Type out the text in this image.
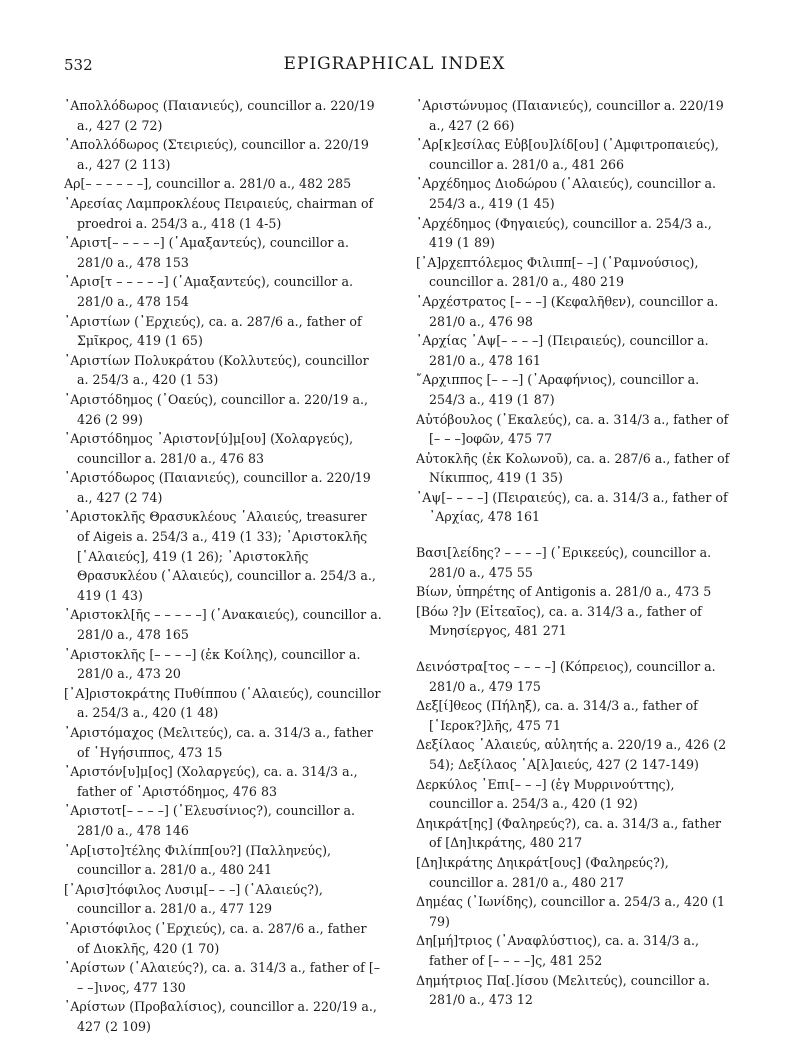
532	EPIGRAPHICAL INDEX

᾿Απολλόδωρος (Παιανιεύς), councillor a. 220/19 a., 427 (2 72)

᾿Απολλόδωρος (Στειριεύς), councillor a. 220/19 a., 427 (2 113)

Αρ[– – – – – –], councillor a. 281/0 a., 482 285

᾿Αρεσίας Λαμπροκλέους Πειραιεύς, chairman of proedroi a. 254/3 a., 418 (1 4-5)

᾿Αριστ[– – – – –] (῾Αμαξαντεύς), councillor a. 281/0 a., 478 153

᾿Αρισ[τ – – – – –] (῾Αμαξαντεύς), councillor a. 281/0 a., 478 154

᾿Αριστίων (᾿Ερχιεύς), ca. a. 287/6 a., father of Σμῖκρος, 419 (1 65)

᾿Αριστίων Πολυκράτου (Κολλυτεύς), councillor a. 254/3 a., 420 (1 53)

᾿Αριστόδημος (᾿Οαεύς), councillor a. 220/19 a., 426 (2 99)

᾿Αριστόδημος ᾿Αριστον[ύ]μ[ου] (Χολαργεύς), councillor a. 281/0 a., 476 83

᾿Αριστόδωρος (Παιανιεύς), councillor a. 220/19 a., 427 (2 74)

᾿Αριστοκλῆς Θρασυκλέους ῾Αλαιεύς, treasurer of Aigeis a. 254/3 a., 419 (1 33); ᾿Αριστοκλῆς [῾Αλαιεύς], 419 (1 26); ᾿Αριστοκλῆς Θρασυκλέου (῾Αλαιεύς), councillor a. 254/3 a., 419 (1 43)

᾿Αριστοκλ[ῆς – – – – –] (᾿Ανακαιεύς), councillor a. 281/0 a., 478 165

᾿Αριστοκλῆς [– – – –] (ἐκ Κοίλης), councillor a. 281/0 a., 473 20

[᾿Α]ριστοκράτης Πυθίππου (῾Αλαιεύς), councillor a. 254/3 a., 420 (1 48)

᾿Αριστόμαχος (Μελιτεύς), ca. a. 314/3 a., father of ῾Ηγήσιππος, 473 15

᾿Αριστόν[υ]μ[ος] (Χολαργεύς), ca. a. 314/3 a., father of ᾿Αριστόδημος, 476 83

᾿Αριστοτ[– – – –] (᾿Ελευσίνιος?), councillor a. 281/0 a., 478 146

᾿Αρ[ιστο]τέλης Φιλίππ[ου?] (Παλληνεύς), councillor a. 281/0 a., 480 241

[᾿Αρισ]τόφιλος Λυσιμ[– – –] (῾Αλαιεύς?), councillor a. 281/0 a., 477 129

᾿Αριστόφιλος (᾿Ερχιεύς), ca. a. 287/6 a., father of Διοκλῆς, 420 (1 70)

᾿Αρίστων (῾Αλαιεύς?), ca. a. 314/3 a., father of [– – –]ινος, 477 130

᾿Αρίστων (Προβαλίσιος), councillor a. 220/19 a., 427 (2 109)

᾿Αριστώνυμος (Παιανιεύς), councillor a. 220/19 a., 427 (2 66)

᾿Αρ[κ]εσίλας Εὐβ[ου]λίδ[ου] (᾿Αμφιτροπαιεύς), councillor a. 281/0 a., 481 266

᾿Αρχέδημος Διοδώρου (῾Αλαιεύς), councillor a. 254/3 a., 419 (1 45)

᾿Αρχέδημος (Φηγαιεύς), councillor a. 254/3 a., 419 (1 89)

[᾿Α]ρχεπτόλεμος Φιλιππ[– –] (῾Ραμνούσιος), councillor a. 281/0 a., 480 219

᾿Αρχέστρατος [– – –] (Κεφαλῆθεν), councillor a. 281/0 a., 476 98

᾿Αρχίας ᾿Αψ[– – – –] (Πειραιεύς), councillor a. 281/0 a., 478 161

῎Αρχιππος [– – –] (᾿Αραφήνιος), councillor a. 254/3 a., 419 (1 87)

Αὐτόβουλος (᾿Εκαλεύς), ca. a. 314/3 a., father of [– – –]οφῶν, 475 77

Αὐτοκλῆς (ἐκ Κολωνοῦ), ca. a. 287/6 a., father of Νίκιππος, 419 (1 35)

᾿Αψ[– – – –] (Πειραιεύς), ca. a. 314/3 a., father of ᾿Αρχίας, 478 161

Βασι[λείδης? – – – –] (᾿Ερικεεύς), councillor a. 281/0 a., 475 55

Βίων, ὑπηρέτης of Antigonis a. 281/0 a., 473 5

[Βόω ?]ν (Εἰτεαῖος), ca. a. 314/3 a., father of Μνησίεργος, 481 271

Δεινόστρα[τος – – – –] (Κόπρειος), councillor a. 281/0 a., 479 175

Δεξ[ί]θεος (Πήληξ), ca. a. 314/3 a., father of [῾Ιεροκ?]λῆς, 475 71

Δεξίλαος ῾Αλαιεύς, αὐλητής a. 220/19 a., 426 (2 54); Δεξίλαος ῾Α[λ]αιεύς, 427 (2 147-149)

Δερκύλος ᾿Επι[– – –] (ἐγ Μυρρινούττης), councillor a. 254/3 a., 420 (1 92)

Δηικράτ[ης] (Φαληρεύς?), ca. a. 314/3 a., father of [Δη]ικράτης, 480 217

[Δη]ικράτης Δηικράτ[ους] (Φαληρεύς?), councillor a. 281/0 a., 480 217

Δημέας (᾿Ιωνίδης), councillor a. 254/3 a., 420 (1 79)

Δη[μή]τριος (᾿Αναφλύστιος), ca. a. 314/3 a., father of [– – – –]ς, 481 252

Δημήτριος Πα[.]ίσου (Μελιτεύς), councillor a. 281/0 a., 473 12
